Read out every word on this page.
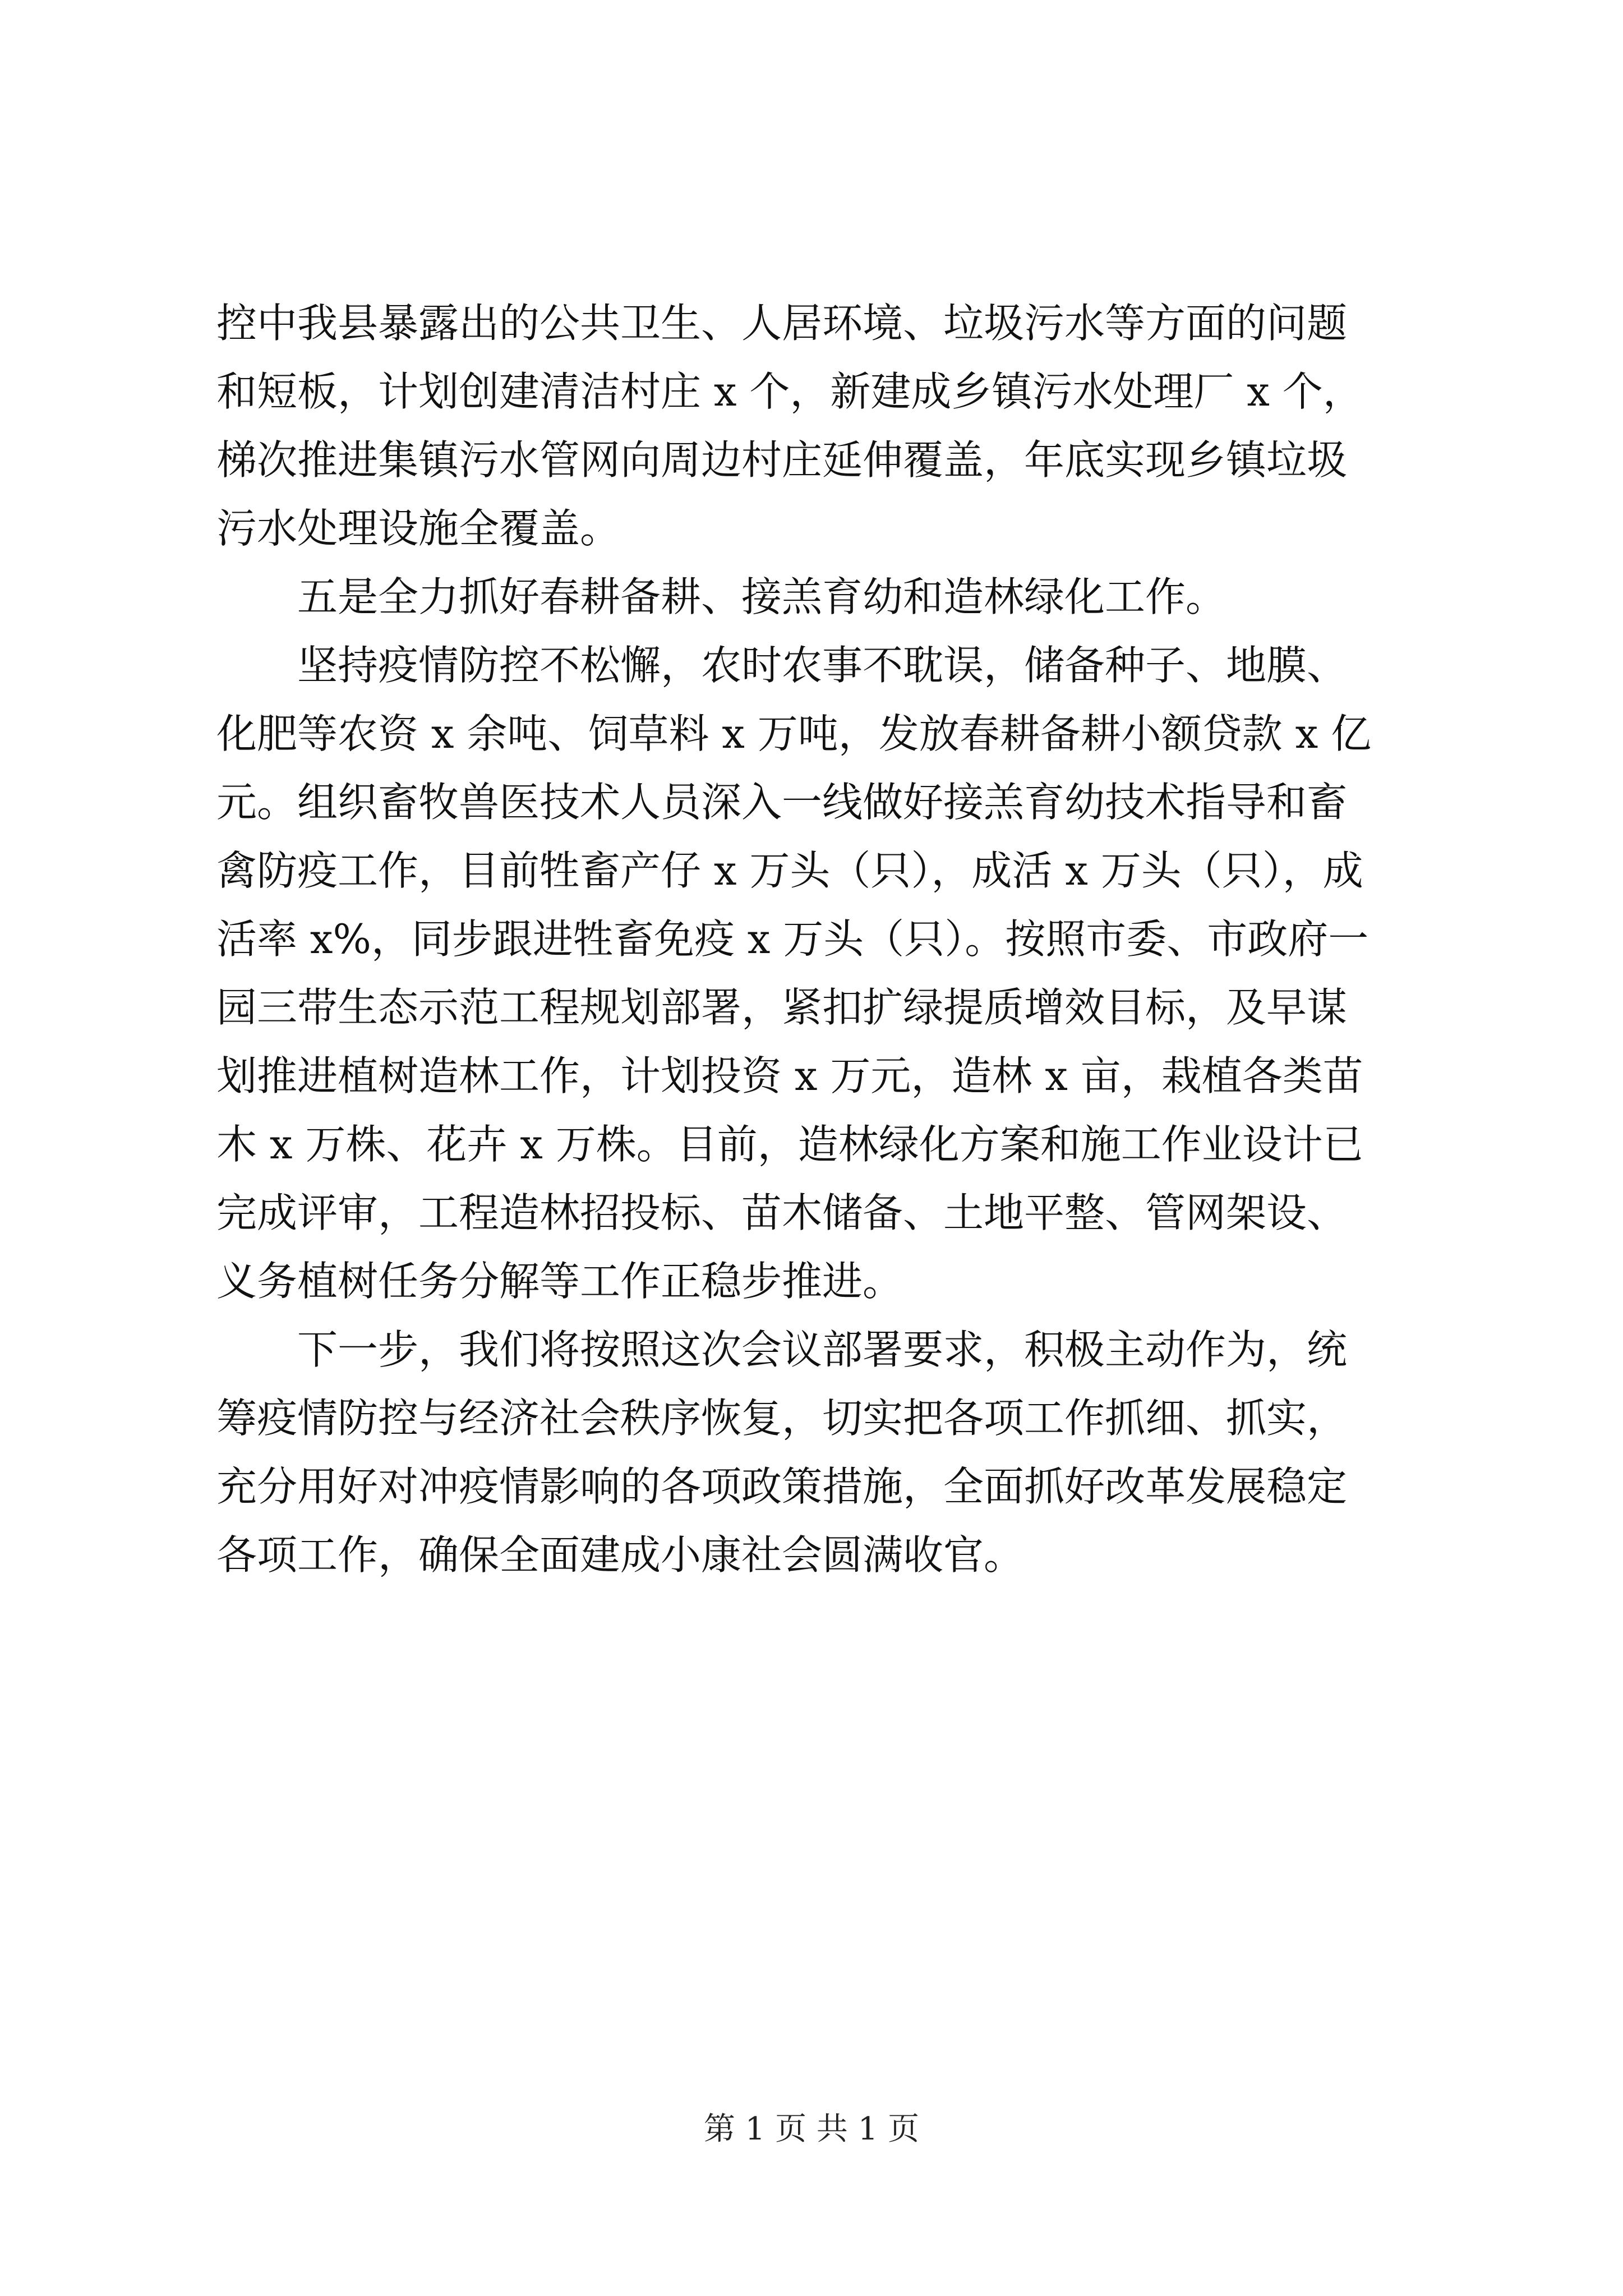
控中我县暴露出的公共卫生、人居环境、垃圾污水等方面的问题
和短板，计划创建清洁村庄 x 个，新建成乡镇污水处理厂 x 个，
梯次推进集镇污水管网向周边村庄延伸覆盖，年底实现乡镇垃圾
污水处理设施全覆盖。
五是全力抓好春耕备耕、接羔育幼和造林绿化工作。
坚持疫情防控不松懈，农时农事不耽误，储备种子、地膜、
化肥等农资 x 余吨、饲草料 x 万吨，发放春耕备耕小额贷款 x 亿
元。组织畜牧兽医技术人员深入一线做好接羔育幼技术指导和畜
禽防疫工作，目前牲畜产仔 x 万头（只），成活 x 万头（只），成
活率 x%，同步跟进牲畜免疫 x 万头（只）。按照市委、市政府一
园三带生态示范工程规划部署，紧扣扩绿提质增效目标，及早谋
划推进植树造林工作，计划投资 x 万元，造林 x 亩，栽植各类苗
木 x 万株、花卉 x 万株。目前，造林绿化方案和施工作业设计已
完成评审，工程造林招投标、苗木储备、土地平整、管网架设、
义务植树任务分解等工作正稳步推进。
下一步，我们将按照这次会议部署要求，积极主动作为，统
筹疫情防控与经济社会秩序恢复，切实把各项工作抓细、抓实，
充分用好对冲疫情影响的各项政策措施，全面抓好改革发展稳定
各项工作，确保全面建成小康社会圆满收官。
第 1 页 共 1 页
